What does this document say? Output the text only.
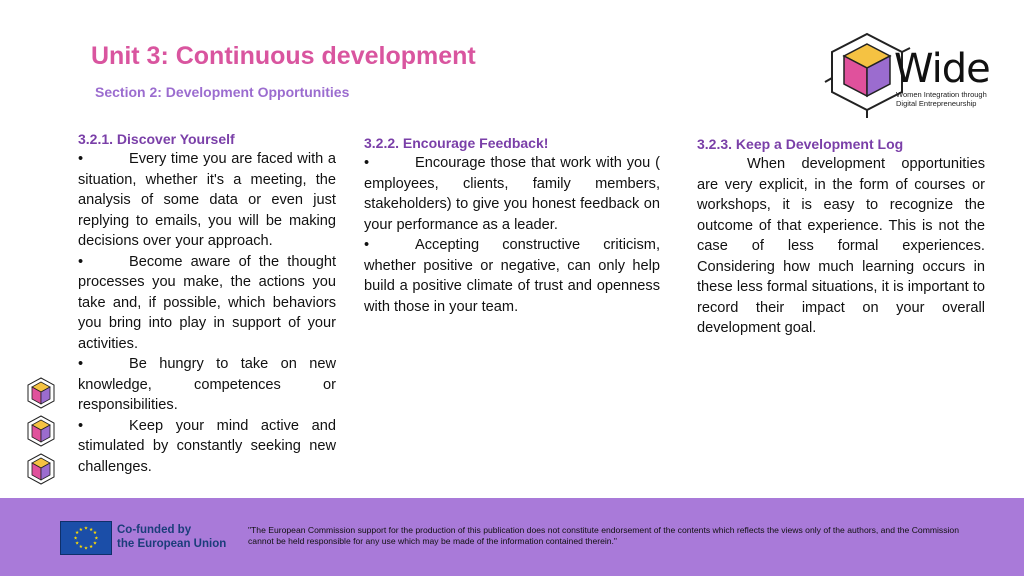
Unit 3: Continuous development
Section 2: Development Opportunities	Wide
Women Integration through
Digital Entrepreneurship
3.2.1. Discover Yourself

•	Every time you are faced with a situation, whether it's a meeting, the analysis of some data or even just replying to emails, you will be making decisions over your approach.

•	Become aware of the thought processes you make, the actions you take and, if possible, which behaviors you bring into play in support of your activities.

•	Be hungry to take on new knowledge, competences or responsibilities.

•	Keep your mind active and stimulated by constantly seeking new challenges.

3.2.2. Encourage Feedback!

•	Encourage those that work with you ( employees, clients, family members, stakeholders) to give you honest feedback on your performance as a leader.

•	Accepting constructive criticism, whether positive or negative, can only help build a positive climate of trust and openness with those in your team.

3.2.3. Keep a Development Log

When development opportunities are very explicit, in the form of courses or workshops, it is easy to recognize the outcome of that experience. This is not the case of less formal experiences. Considering how much learning occurs in these less formal situations, it is important to record their impact on your overall development goal.

★ ★
★
★
★
★
★
★
★
★
★
★	Co-funded by
the European Union
"The European Commission support for the production of this publication does not constitute endorsement of the contents which reflects the views only of the authors, and the Commission cannot be held responsible for any use which may be made of the information contained therein."
